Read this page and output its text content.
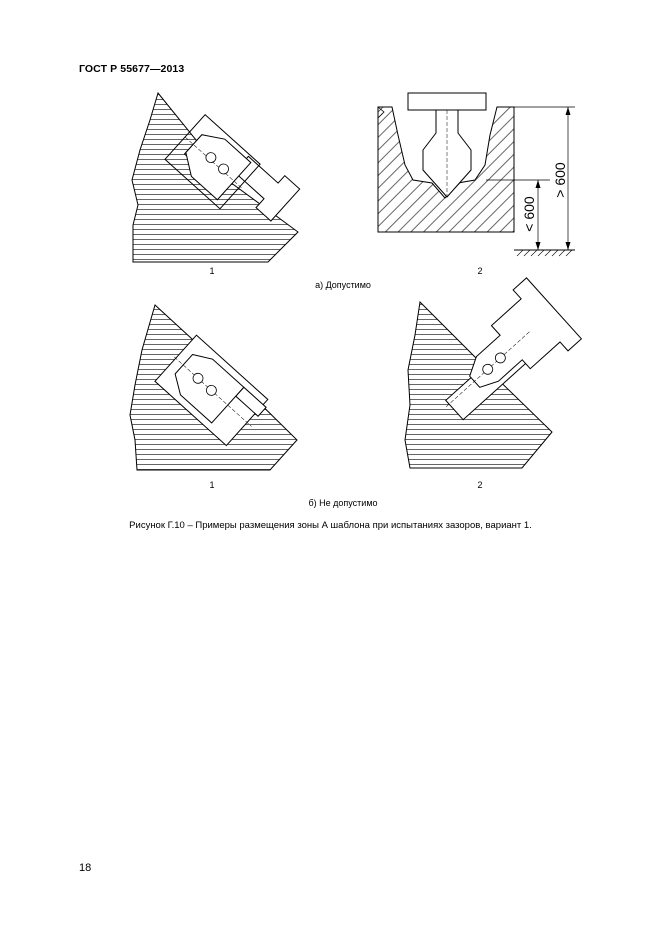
ГОСТ Р 55677—2013
> 600
< 600
1	2
а) Допустимо
1	2
б) Не допустимо
Рисунок Г.10 – Примеры размещения зоны А шаблона при испытаниях зазоров, вариант 1.
18
